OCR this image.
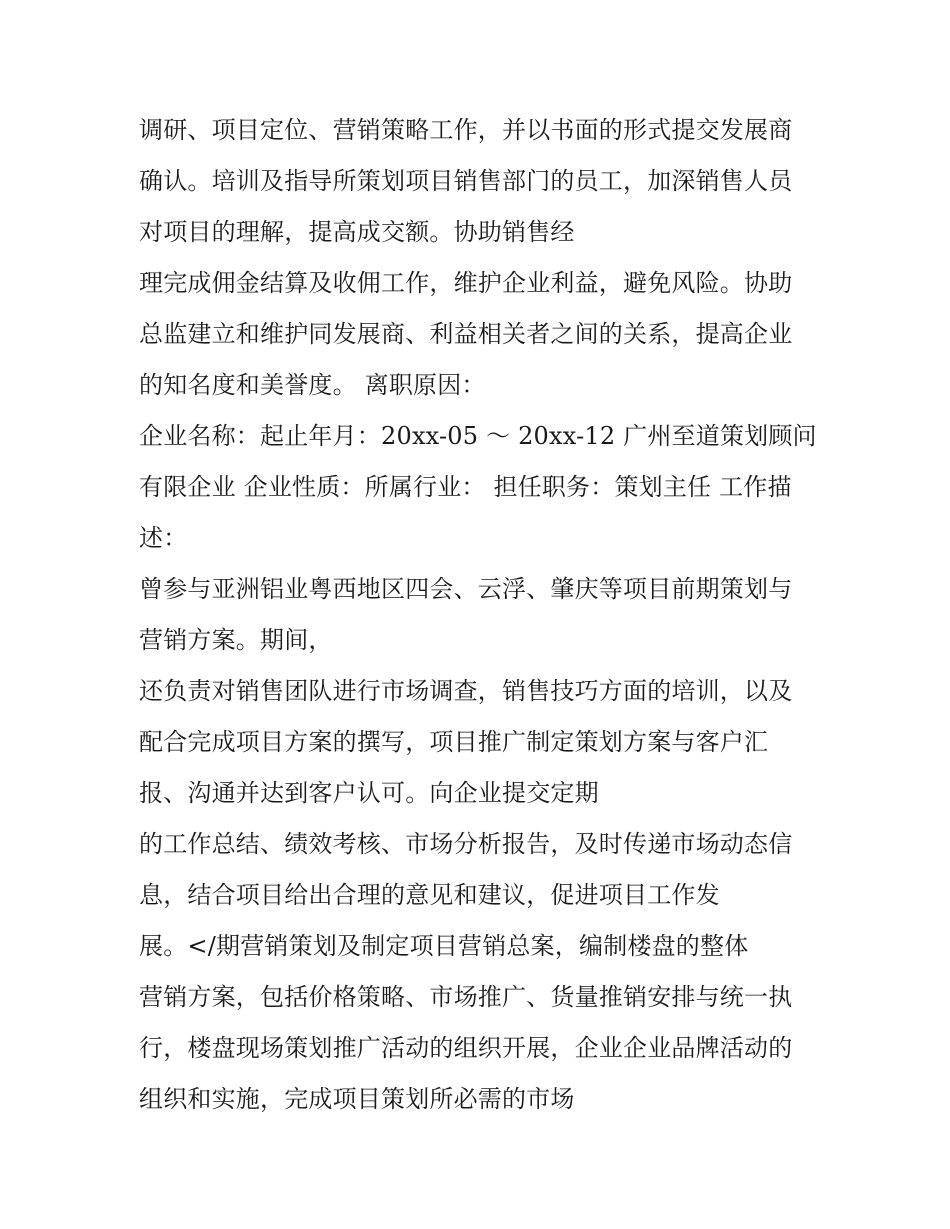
调研、项目定位、营销策略工作，并以书面的形式提交发展商
确认。培训及指导所策划项目销售部门的员工，加深销售人员
对项目的理解，提高成交额。协助销售经
理完成佣金结算及收佣工作，维护企业利益，避免风险。协助
总监建立和维护同发展商、利益相关者之间的关系，提高企业
的知名度和美誉度。 离职原因：
企业名称：起止年月：20xx-05 ～ 20xx-12 广州至道策划顾问
有限企业 企业性质：所属行业： 担任职务：策划主任 工作描
述：
曾参与亚洲铝业粤西地区四会、云浮、肇庆等项目前期策划与
营销方案。期间，
还负责对销售团队进行市场调查，销售技巧方面的培训，以及
配合完成项目方案的撰写，项目推广制定策划方案与客户汇
报、沟通并达到客户认可。向企业提交定期
的工作总结、绩效考核、市场分析报告，及时传递市场动态信
息，结合项目给出合理的意见和建议，促进项目工作发
展。</期营销策划及制定项目营销总案，编制楼盘的整体
营销方案，包括价格策略、市场推广、货量推销安排与统一执
行，楼盘现场策划推广活动的组织开展，企业企业品牌活动的
组织和实施，完成项目策划所必需的市场
